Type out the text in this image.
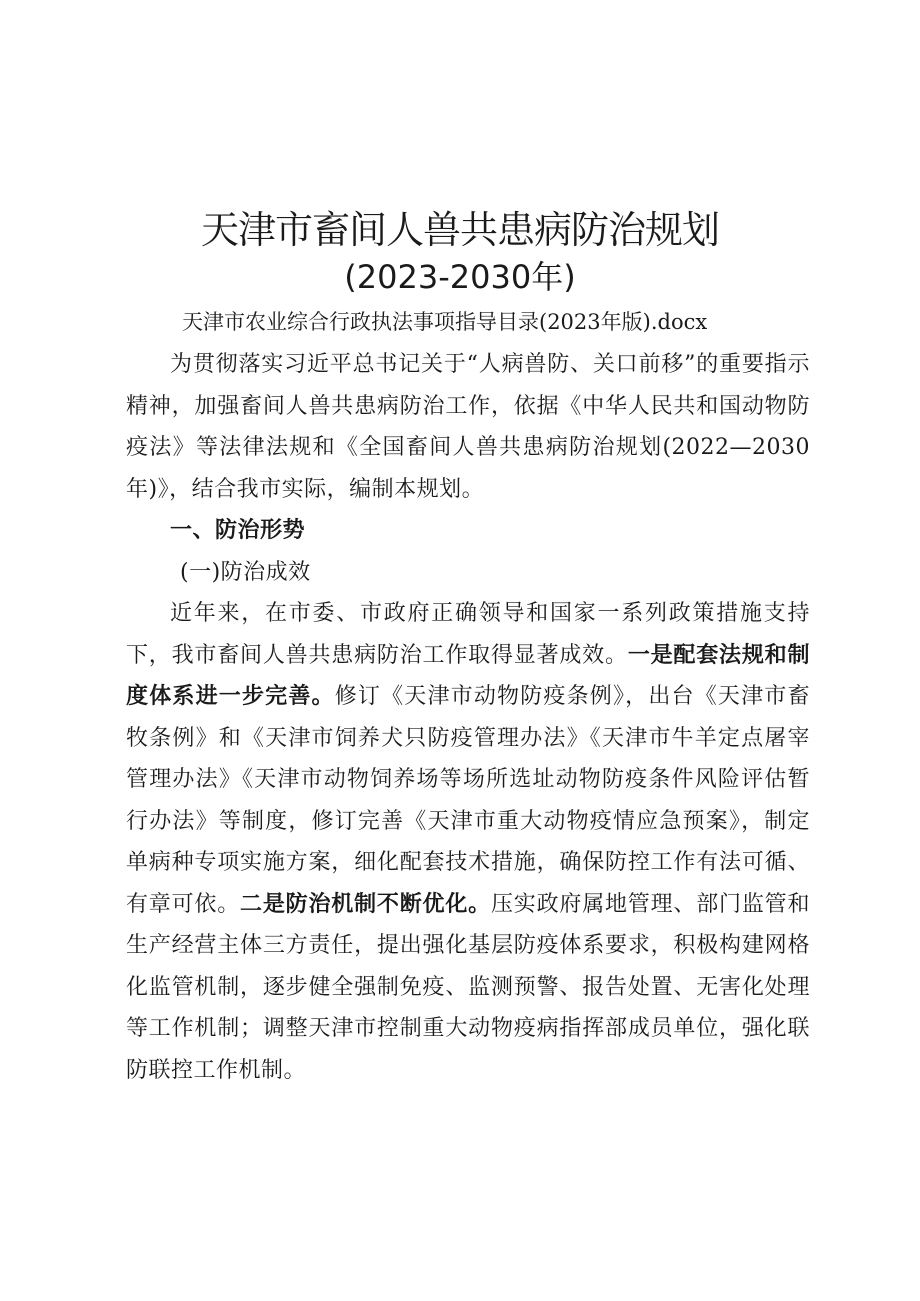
天津市畜间人兽共患病防治规划
(2023-2030年)
天津市农业综合行政执法事项指导目录(2023年版).docx

为贯彻落实习近平总书记关于“人病兽防、关口前移”的重要指示精神，加强畜间人兽共患病防治工作，依据《中华人民共和国动物防疫法》等法律法规和《全国畜间人兽共患病防治规划(2022—2030年)》，结合我市实际，编制本规划。

一、防治形势

(一)防治成效

近年来，在市委、市政府正确领导和国家一系列政策措施支持下，我市畜间人兽共患病防治工作取得显著成效。一是配套法规和制度体系进一步完善。修订《天津市动物防疫条例》，出台《天津市畜牧条例》和《天津市饲养犬只防疫管理办法》《天津市牛羊定点屠宰管理办法》《天津市动物饲养场等场所选址动物防疫条件风险评估暂行办法》等制度，修订完善《天津市重大动物疫情应急预案》，制定单病种专项实施方案，细化配套技术措施，确保防控工作有法可循、有章可依。二是防治机制不断优化。压实政府属地管理、部门监管和生产经营主体三方责任，提出强化基层防疫体系要求，积极构建网格化监管机制，逐步健全强制免疫、监测预警、报告处置、无害化处理等工作机制；调整天津市控制重大动物疫病指挥部成员单位，强化联防联控工作机制。
